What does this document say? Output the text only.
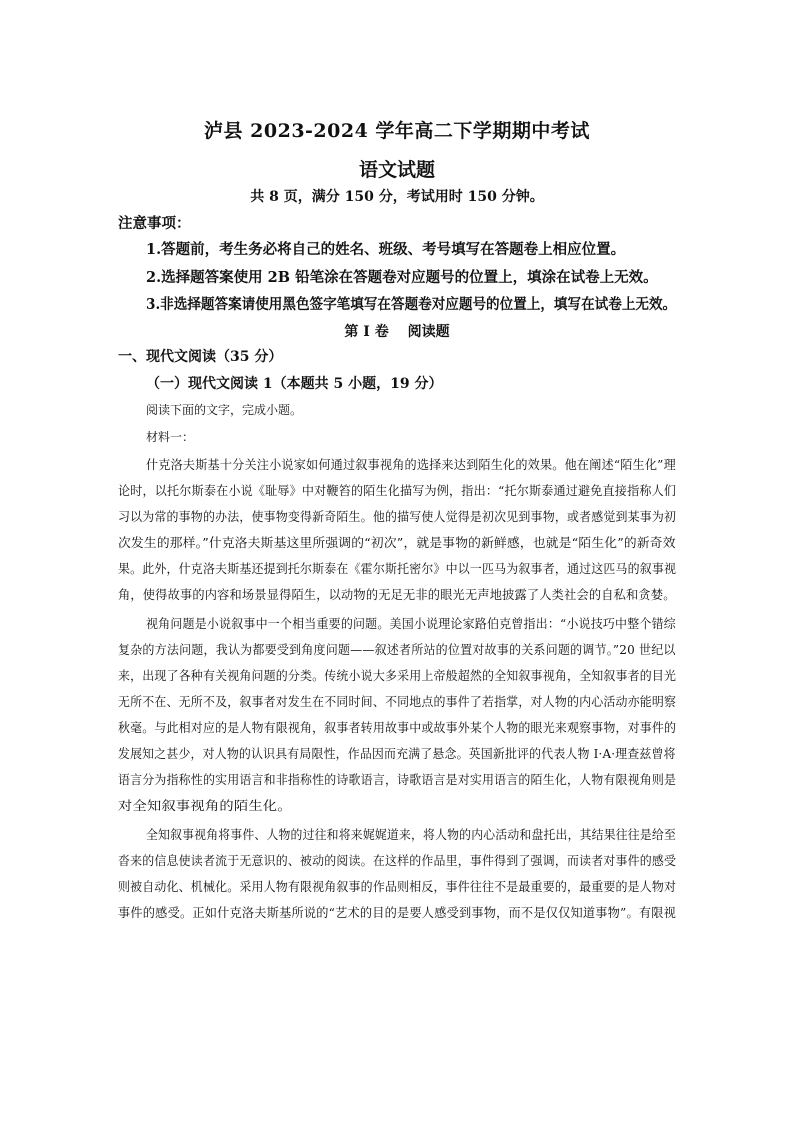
泸县 2023-2024 学年高二下学期期中考试
语文试题
共 8 页，满分 150 分，考试用时 150 分钟。
注意事项：
1.答题前，考生务必将自己的姓名、班级、考号填写在答题卷上相应位置。
2.选择题答案使用 2B 铅笔涂在答题卷对应题号的位置上，填涂在试卷上无效。
3.非选择题答案请使用黑色签字笔填写在答题卷对应题号的位置上，填写在试卷上无效。
第 I 卷　 阅读题
一、现代文阅读（35 分）
（一）现代文阅读 1（本题共 5 小题，19 分）
阅读下面的文字，完成小题。
材料一：
什克洛夫斯基十分关注小说家如何通过叙事视角的选择来达到陌生化的效果。他在阐述“陌生化”理
论时，以托尔斯泰在小说《耻辱》中对鞭笞的陌生化描写为例，指出：“托尔斯泰通过避免直接指称人们
习以为常的事物的办法，使事物变得新奇陌生。他的描写使人觉得是初次见到事物，或者感觉到某事为初
次发生的那样。”什克洛夫斯基这里所强调的“初次”，就是事物的新鲜感，也就是“陌生化”的新奇效
果。此外，什克洛夫斯基还提到托尔斯泰在《霍尔斯托密尔》中以一匹马为叙事者，通过这匹马的叙事视
角，使得故事的内容和场景显得陌生，以动物的无足无非的眼光无声地披露了人类社会的自私和贪婪。
视角问题是小说叙事中一个相当重要的问题。美国小说理论家路伯克曾指出：“小说技巧中整个错综
复杂的方法问题，我认为都要受到角度问题——叙述者所站的位置对故事的关系问题的调节。”20 世纪以
来，出现了各种有关视角问题的分类。传统小说大多采用上帝般超然的全知叙事视角，全知叙事者的目光
无所不在、无所不及，叙事者对发生在不同时间、不同地点的事件了若指掌，对人物的内心活动亦能明察
秋毫。与此相对应的是人物有限视角，叙事者转用故事中或故事外某个人物的眼光来观察事物，对事件的
发展知之甚少，对人物的认识具有局限性，作品因而充满了悬念。英国新批评的代表人物 I·A·理查兹曾将
语言分为指称性的实用语言和非指称性的诗歌语言，诗歌语言是对实用语言的陌生化，人物有限视角则是
对全知叙事视角的陌生化。
全知叙事视角将事件、人物的过往和将来娓娓道来，将人物的内心活动和盘托出，其结果往往是给至
沓来的信息使读者流于无意识的、被动的阅读。在这样的作品里，事件得到了强调，而读者对事件的感受
则被自动化、机械化。采用人物有限视角叙事的作品则相反，事件往往不是最重要的，最重要的是人物对
事件的感受。正如什克洛夫斯基所说的“艺术的目的是要人感受到事物，而不是仅仅知道事物”。有限视
